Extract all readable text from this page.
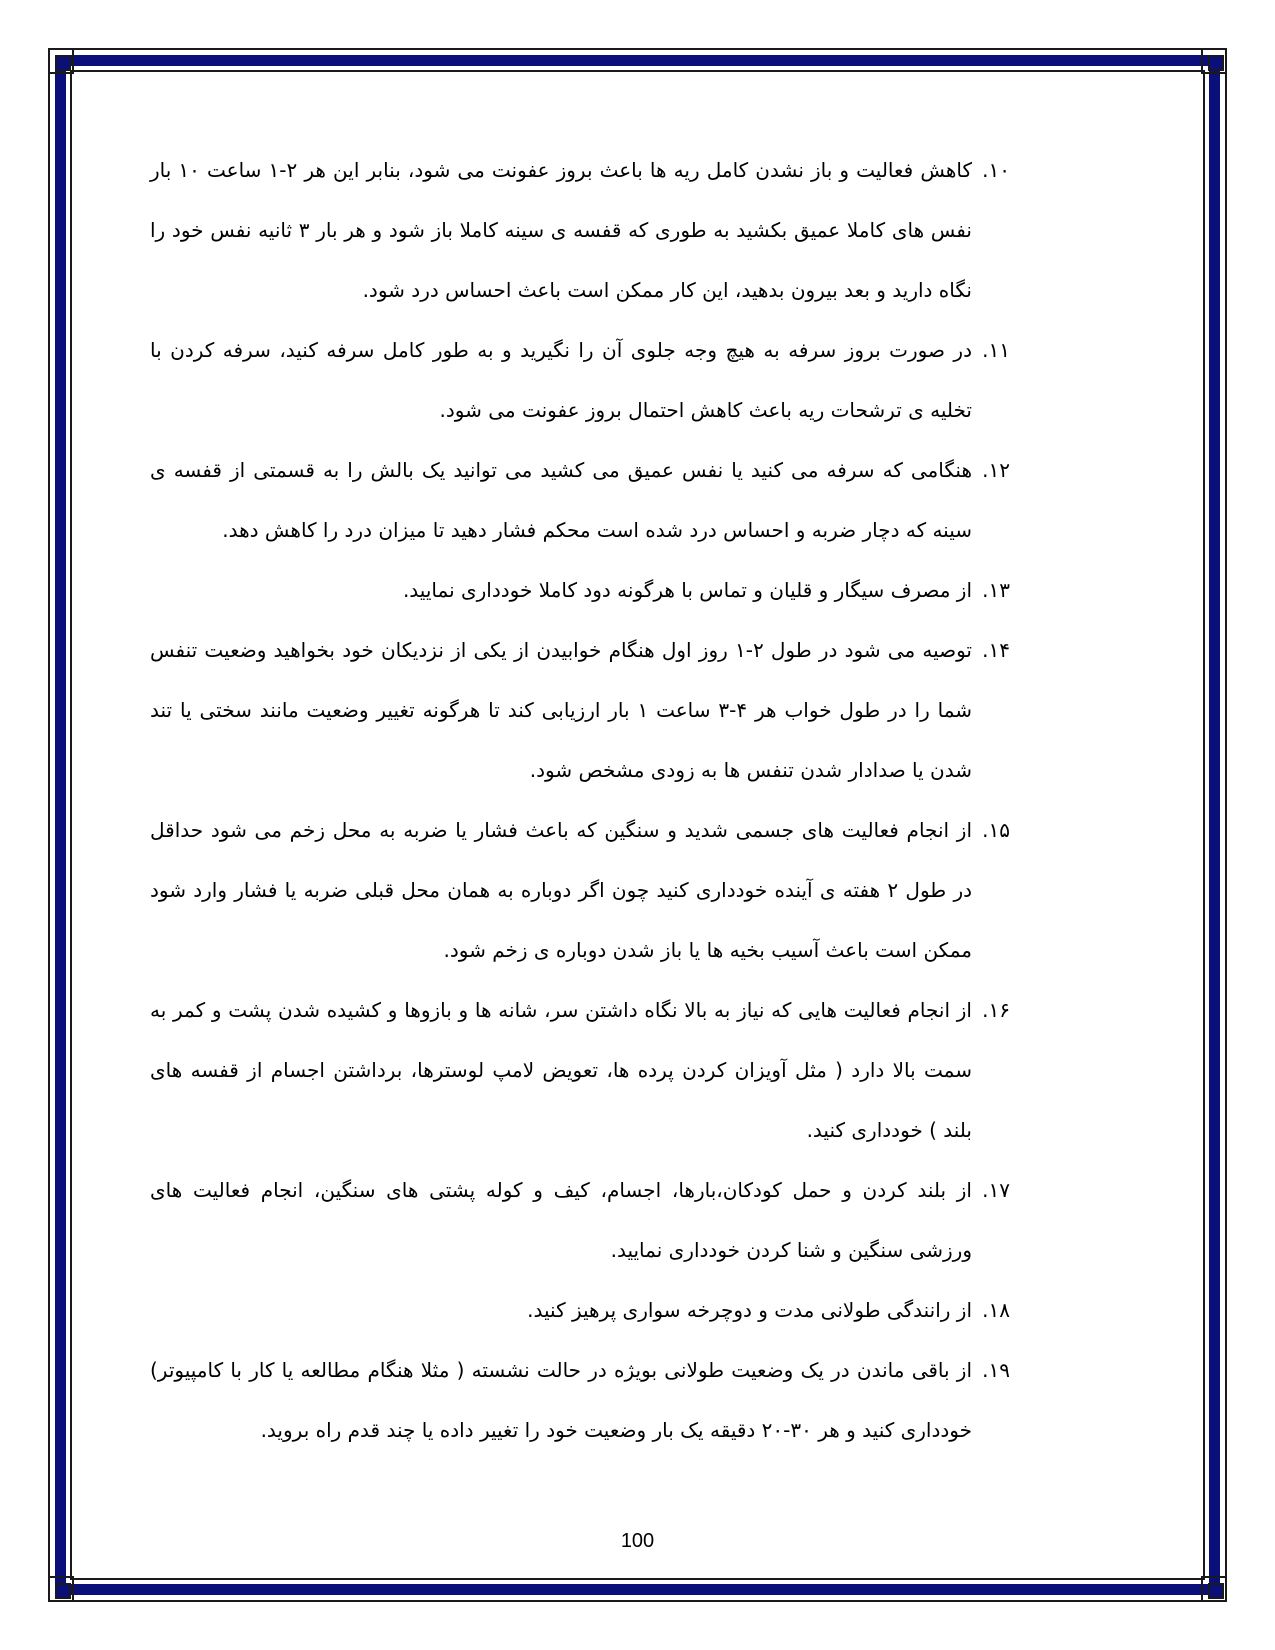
۱۰.
کاهش فعالیت و باز نشدن کامل ریه ها باعث بروز عفونت می شود، بنابر این هر ۲-۱ ساعت ۱۰ بار نفس های کاملا عمیق بکشید به طوری که قفسه ی سینه کاملا باز شود و هر بار ۳ ثانیه نفس خود را نگاه دارید و بعد بیرون بدهید، این کار ممکن است باعث احساس درد شود.
۱۱.
در صورت بروز سرفه به هیچ وجه جلوی آن را نگیرید و به طور کامل سرفه کنید، سرفه کردن با تخلیه ی ترشحات ریه باعث کاهش احتمال بروز عفونت می شود.
۱۲.
هنگامی که سرفه می کنید یا نفس عمیق می کشید می توانید یک بالش را به قسمتی از قفسه ی سینه که دچار ضربه و احساس درد شده است محکم فشار دهید تا میزان درد را کاهش دهد.
۱۳.
از مصرف سیگار و قلیان و تماس با هرگونه دود کاملا خودداری نمایید.
۱۴.
توصیه می شود در طول ۲-۱ روز اول هنگام خوابیدن از یکی از نزدیکان خود بخواهید وضعیت تنفس شما را در طول خواب هر ۴-۳ ساعت ۱ بار ارزیابی کند تا هرگونه تغییر وضعیت مانند سختی یا تند شدن یا صدادار شدن تنفس ها به زودی مشخص شود.
۱۵.
از انجام فعالیت های جسمی شدید و سنگین که باعث فشار یا ضربه به محل زخم می شود حداقل در طول ۲ هفته ی آینده خودداری کنید چون اگر دوباره به همان محل قبلی ضربه یا فشار وارد شود ممکن است باعث آسیب بخیه ها یا باز شدن دوباره ی زخم شود.
۱۶.
از انجام فعالیت هایی که نیاز به بالا نگاه داشتن سر، شانه ها و بازوها و کشیده شدن پشت و کمر به سمت بالا دارد ( مثل آویزان کردن پرده ها، تعویض لامپ لوسترها، برداشتن اجسام از قفسه های بلند ) خودداری کنید.
۱۷.
از بلند کردن و حمل کودکان،بارها، اجسام، کیف و کوله پشتی های سنگین، انجام فعالیت های ورزشی سنگین و شنا کردن خودداری نمایید.
۱۸.
از رانندگی طولانی مدت و دوچرخه سواری پرهیز کنید.
۱۹.
از باقی ماندن در یک وضعیت طولانی بویژه در حالت نشسته ( مثلا هنگام مطالعه یا کار با کامپیوتر) خودداری کنید و هر ۳۰-۲۰ دقیقه یک بار وضعیت خود را تغییر داده یا چند قدم راه بروید.
100
